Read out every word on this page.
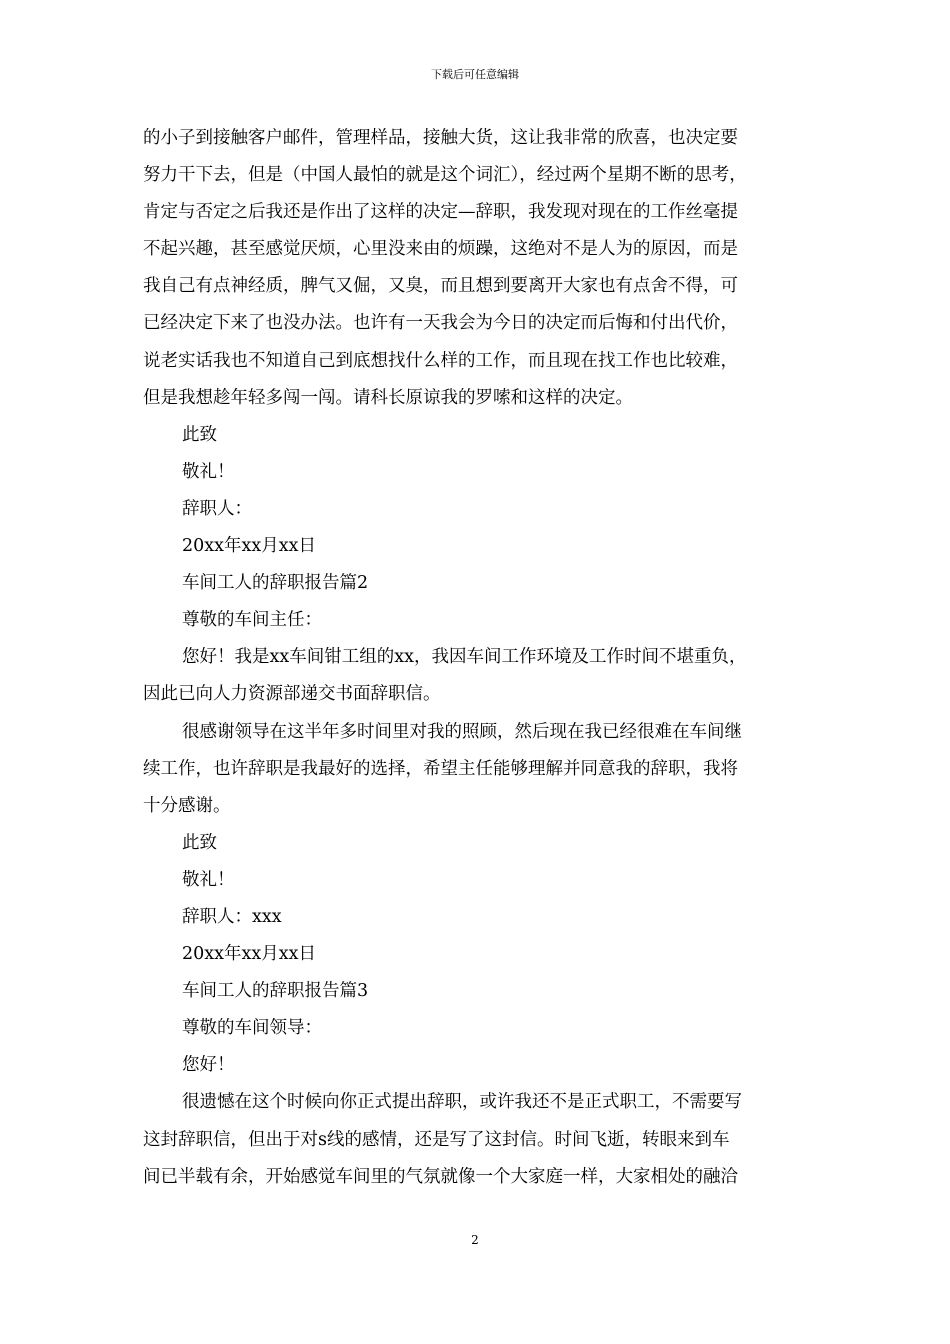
下载后可任意编辑
的小子到接触客户邮件，管理样品，接触大货，这让我非常的欣喜，也决定要
努力干下去，但是（中国人最怕的就是这个词汇），经过两个星期不断的思考，
肯定与否定之后我还是作出了这样的决定—辞职，我发现对现在的工作丝毫提
不起兴趣，甚至感觉厌烦，心里没来由的烦躁，这绝对不是人为的原因，而是
我自己有点神经质，脾气又倔，又臭，而且想到要离开大家也有点舍不得，可
已经决定下来了也没办法。也许有一天我会为今日的决定而后悔和付出代价，
说老实话我也不知道自己到底想找什么样的工作，而且现在找工作也比较难，
但是我想趁年轻多闯一闯。请科长原谅我的罗嗦和这样的决定。
此致
敬礼！
辞职人：
20xx年xx月xx日
车间工人的辞职报告篇2
尊敬的车间主任：
您好！我是xx车间钳工组的xx，我因车间工作环境及工作时间不堪重负，
因此已向人力资源部递交书面辞职信。
很感谢领导在这半年多时间里对我的照顾，然后现在我已经很难在车间继
续工作，也许辞职是我最好的选择，希望主任能够理解并同意我的辞职，我将
十分感谢。
此致
敬礼！
辞职人：xxx
20xx年xx月xx日
车间工人的辞职报告篇3
尊敬的车间领导：
您好！
很遗憾在这个时候向你正式提出辞职，或许我还不是正式职工，不需要写
这封辞职信，但出于对s线的感情，还是写了这封信。时间飞逝，转眼来到车
间已半载有余，开始感觉车间里的气氛就像一个大家庭一样，大家相处的融洽
2
